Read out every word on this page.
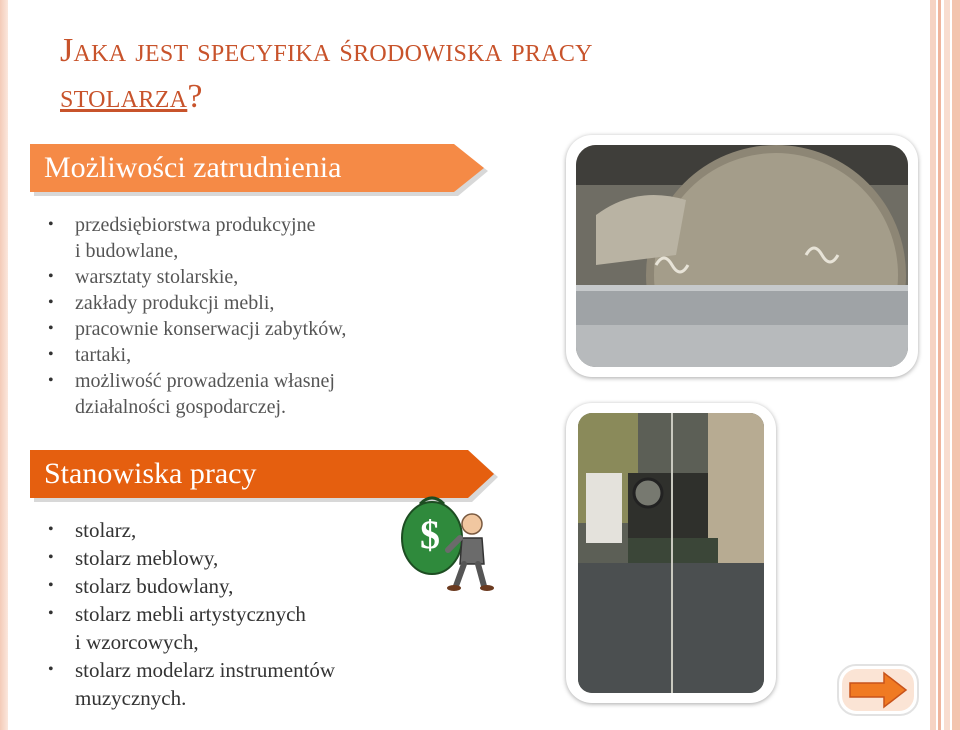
Jaka jest specyfika środowiska pracy
stolarza?
Możliwości zatrudnienia
• przedsiębiorstwa produkcyjne
i budowlane,
• warsztaty stolarskie,
• zakłady produkcji mebli,
• pracownie konserwacji zabytków,
• tartaki,
• możliwość prowadzenia własnej
działalności gospodarczej.
Stanowiska pracy
• stolarz,
• stolarz meblowy,
• stolarz budowlany,
• stolarz mebli artystycznych
i wzorcowych,
• stolarz modelarz instrumentów
muzycznych.
$
